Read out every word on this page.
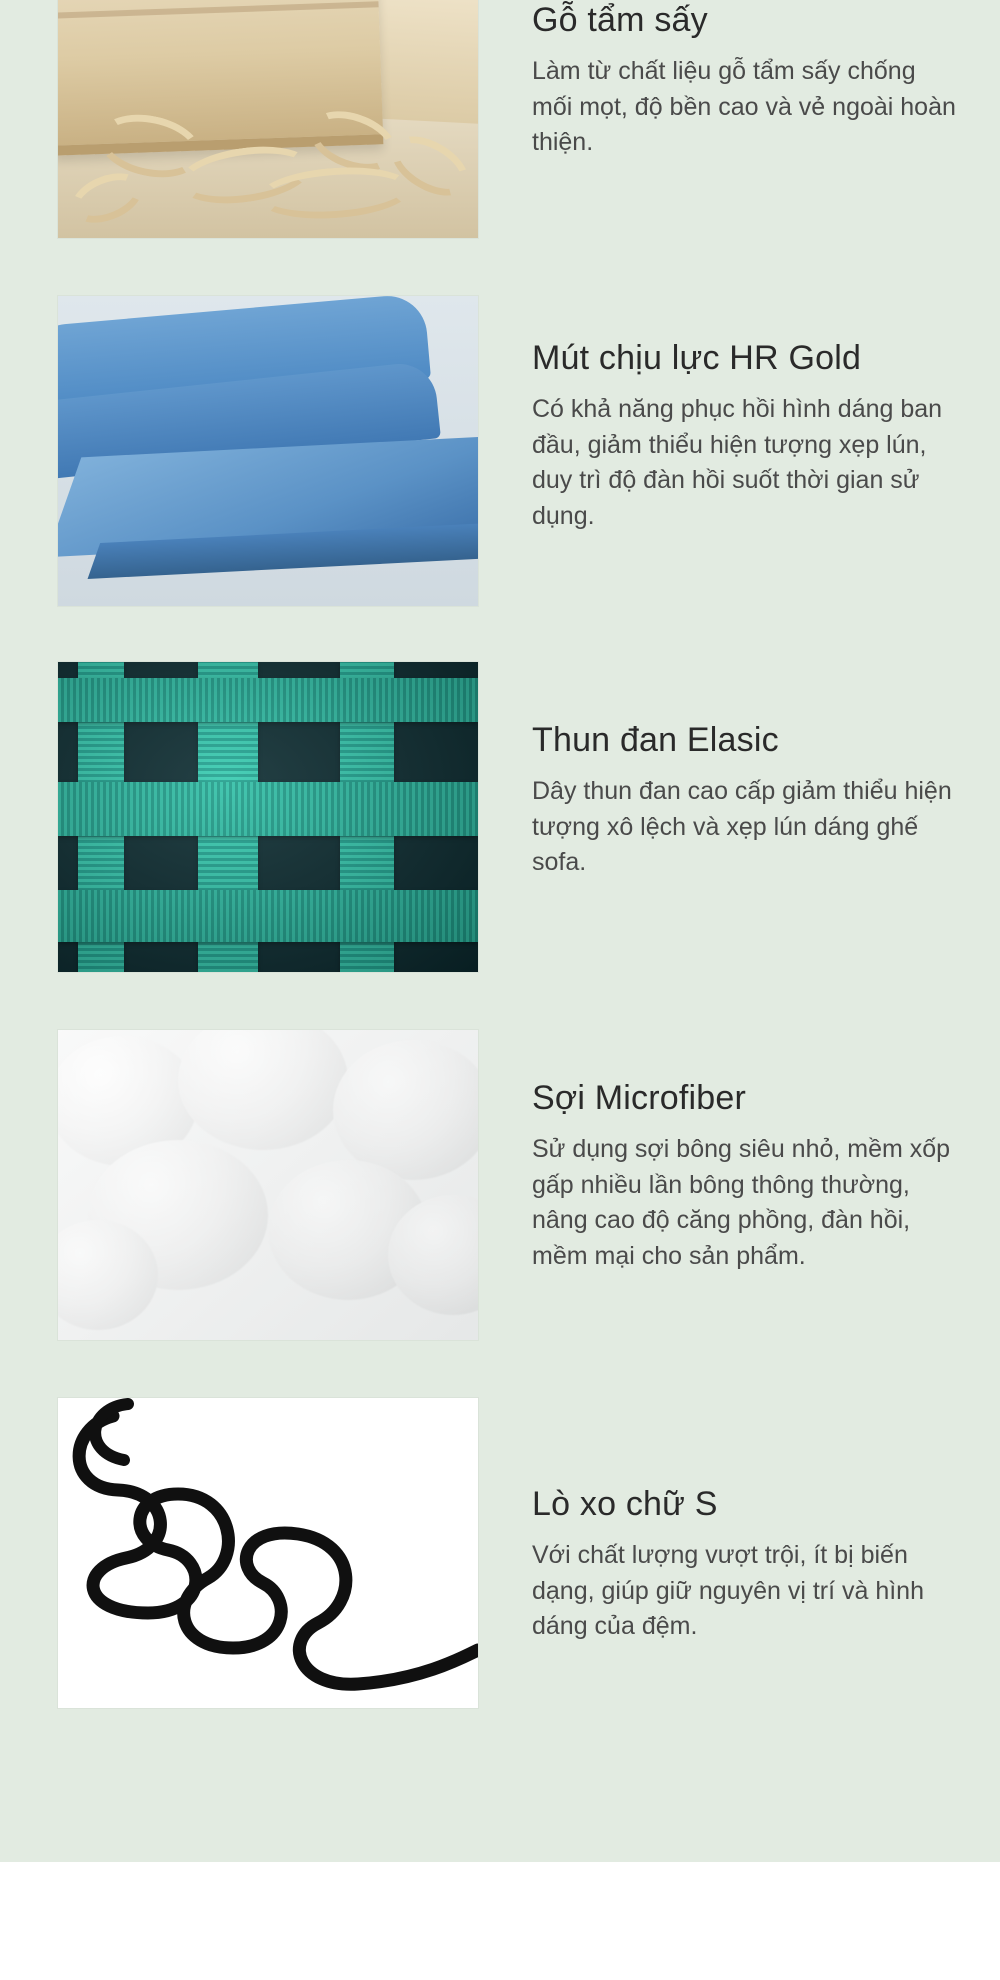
Gỗ tẩm sấy

Làm từ chất liệu gỗ tẩm sấy chống mối mọt, độ bền cao và vẻ ngoài hoàn thiện.

Mút chịu lực HR Gold

Có khả năng phục hồi hình dáng ban đầu, giảm thiểu hiện tượng xẹp lún, duy trì độ đàn hồi suốt thời gian sử dụng.

Thun đan Elasic

Dây thun đan cao cấp giảm thiểu hiện tượng xô lệch và xẹp lún dáng ghế sofa.

Sợi Microfiber

Sử dụng sợi bông siêu nhỏ, mềm xốp gấp nhiều lần bông thông thường, nâng cao độ căng phồng, đàn hồi, mềm mại cho sản phẩm.

Lò xo chữ S

Với chất lượng vượt trội, ít bị biến dạng, giúp giữ nguyên vị trí và hình dáng của đệm.
